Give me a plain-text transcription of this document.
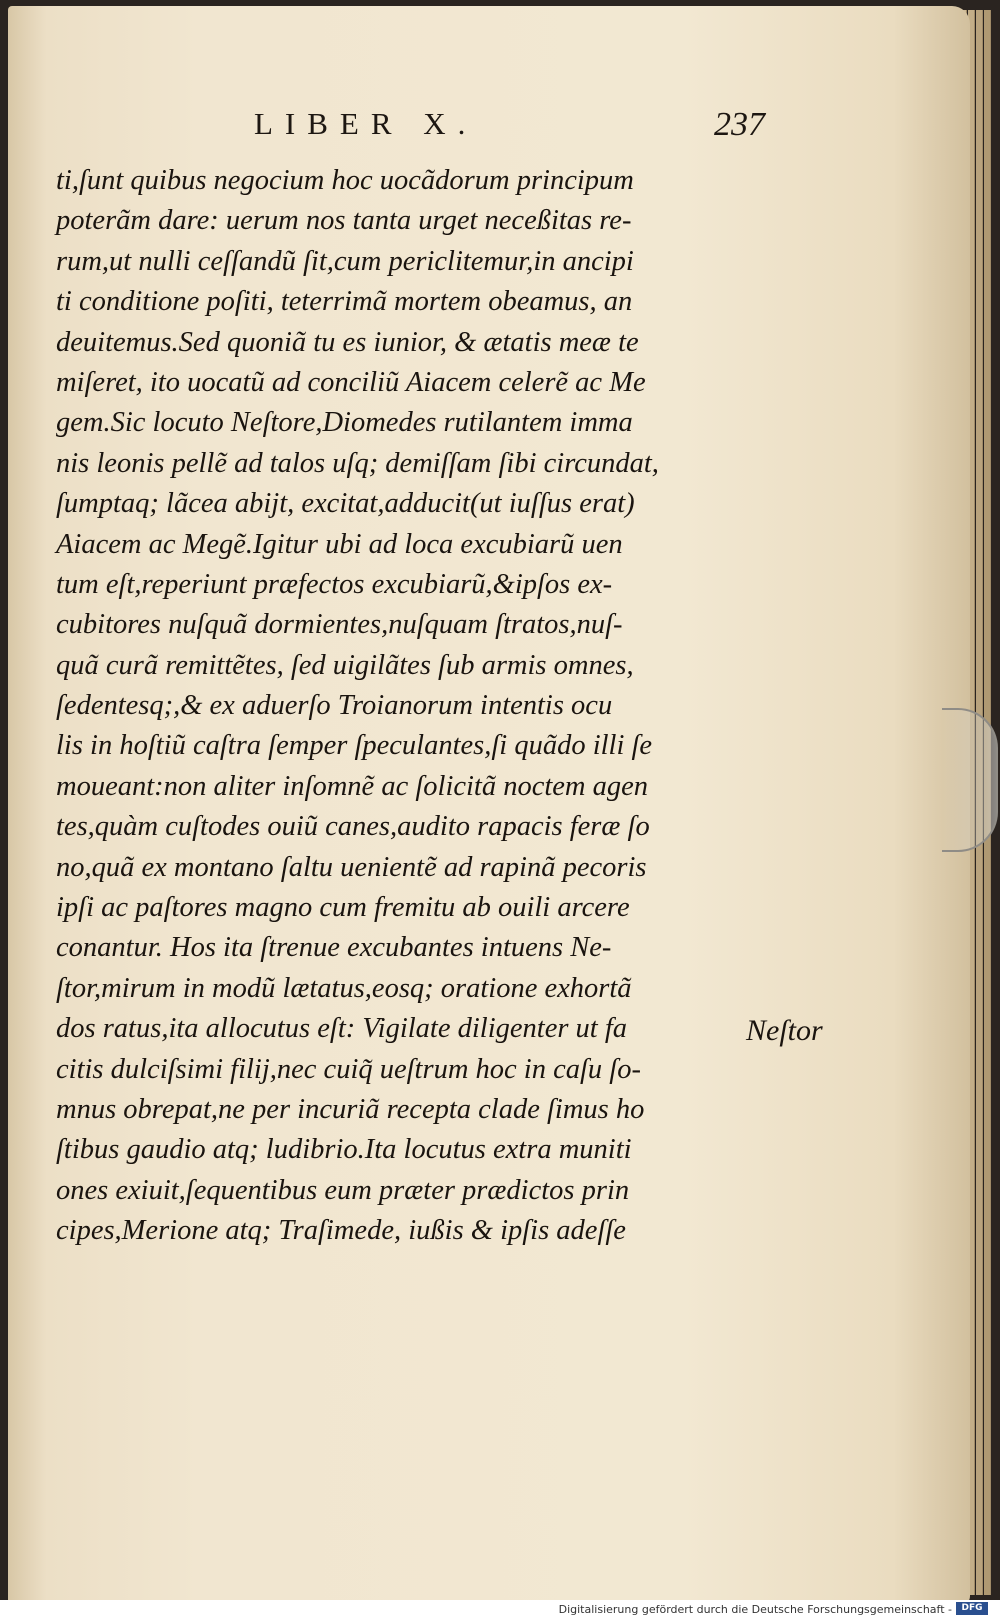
LIBER X.	237
ti,ſunt quibus negocium hoc uocãdorum principum
poterãm dare: uerum nos tanta urget neceßitas re-
rum,ut nulli ceſſandũ ſit,cum periclitemur,in ancipi
ti conditione poſiti, teterrimã mortem obeamus, an
deuitemus.Sed quoniã tu es iunior, & ætatis meæ te
miſeret, ito uocatũ ad conciliũ Aiacem celerẽ ac Me
gem.Sic locuto Neſtore,Diomedes rutilantem imma
nis leonis pellẽ ad talos uſq; demiſſam ſibi circundat,
ſumptaq; lãcea abijt, excitat,adducit(ut iuſſus erat)
Aiacem ac Megẽ.Igitur ubi ad loca excubiarũ uen
tum eſt,reperiunt præfectos excubiarũ,&ipſos ex-
cubitores nuſquã dormientes,nuſquam ſtratos,nuſ-
quã curã remittẽtes, ſed uigilãtes ſub armis omnes,
ſedentesq;,& ex aduerſo Troianorum intentis ocu
lis in hoſtiũ caſtra ſemper ſpeculantes,ſi quãdo illi ſe
moueant:non aliter inſomnẽ ac ſolicitã noctem agen
tes,quàm cuſtodes ouiũ canes,audito rapacis feræ ſo
no,quã ex montano ſaltu uenientẽ ad rapinã pecoris
ipſi ac paſtores magno cum fremitu ab ouili arcere
conantur. Hos ita ſtrenue excubantes intuens Ne-
ſtor,mirum in modũ lætatus,eosq; oratione exhortã
dos ratus,ita allocutus eſt: Vigilate diligenter ut fa
citis dulciſsimi filij,nec cuiq̃ ueſtrum hoc in caſu ſo-
mnus obrepat,ne per incuriã recepta clade ſimus ho
ſtibus gaudio atq; ludibrio.Ita locutus extra muniti
ones exiuit,ſequentibus eum præter prædictos prin
cipes,Merione atq; Traſimede, iußis & ipſis adeſſe
Neſtor
Digitalisierung gefördert durch die Deutsche Forschungsgemeinschaft -	DFG
